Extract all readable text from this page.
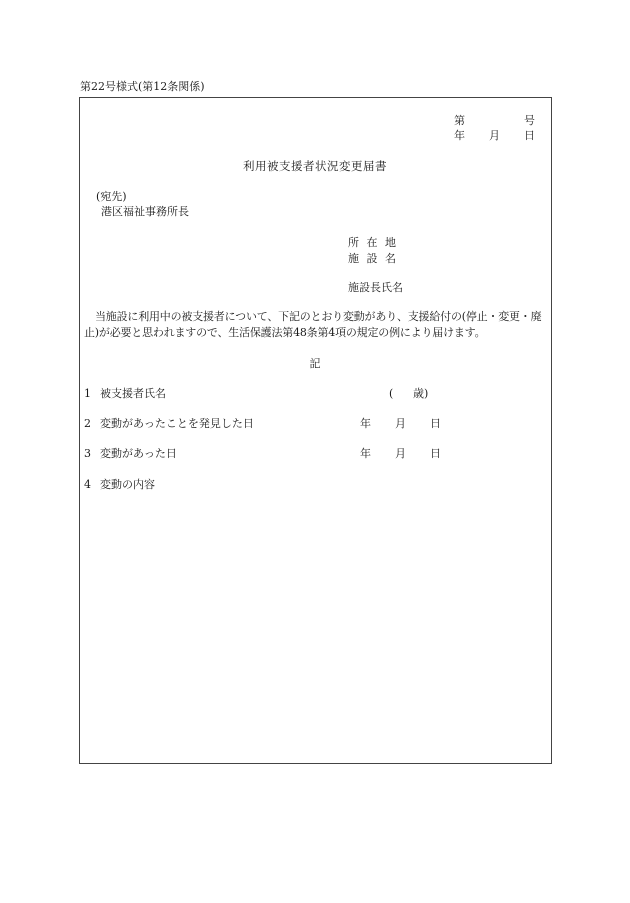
第22号様式(第12条関係)
第	号
年 月 日
利用被支援者状況変更届書
(宛先)
港区福祉事務所長
所 在 地
施 設 名
施設長氏名
当施設に利用中の被支援者について、下記のとおり変動があり、支援給付の(停止・変更・廃止)が必要と思われますので、生活保護法第48条第4項の規定の例により届けます。
記
1 被支援者氏名	( 歳)
2 変動があったことを発見した日	年 月 日
3 変動があった日	年 月 日
4 変動の内容
